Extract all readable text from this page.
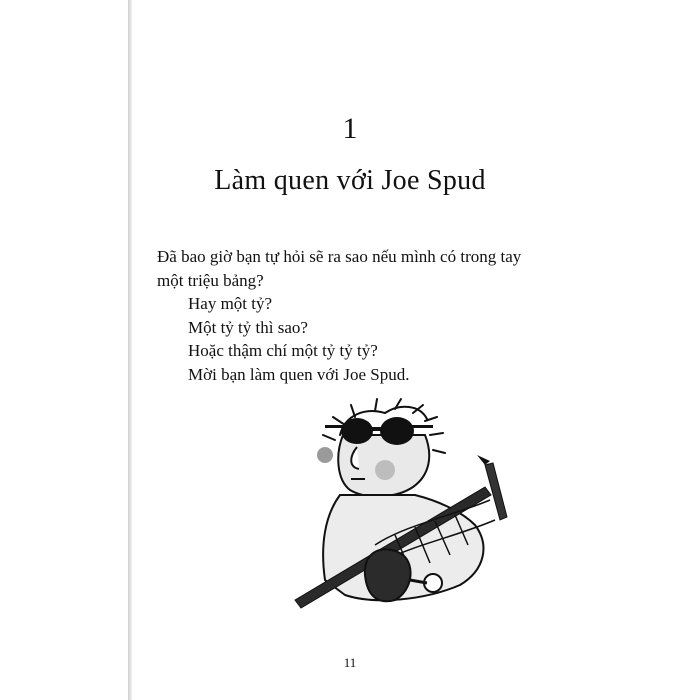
1
Làm quen với Joe Spud
Đã bao giờ bạn tự hỏi sẽ ra sao nếu mình có trong tay
một triệu bảng?
Hay một tỷ?
Một tỷ tỷ thì sao?
Hoặc thậm chí một tỷ tỷ tỷ?
Mời bạn làm quen với Joe Spud.
11
